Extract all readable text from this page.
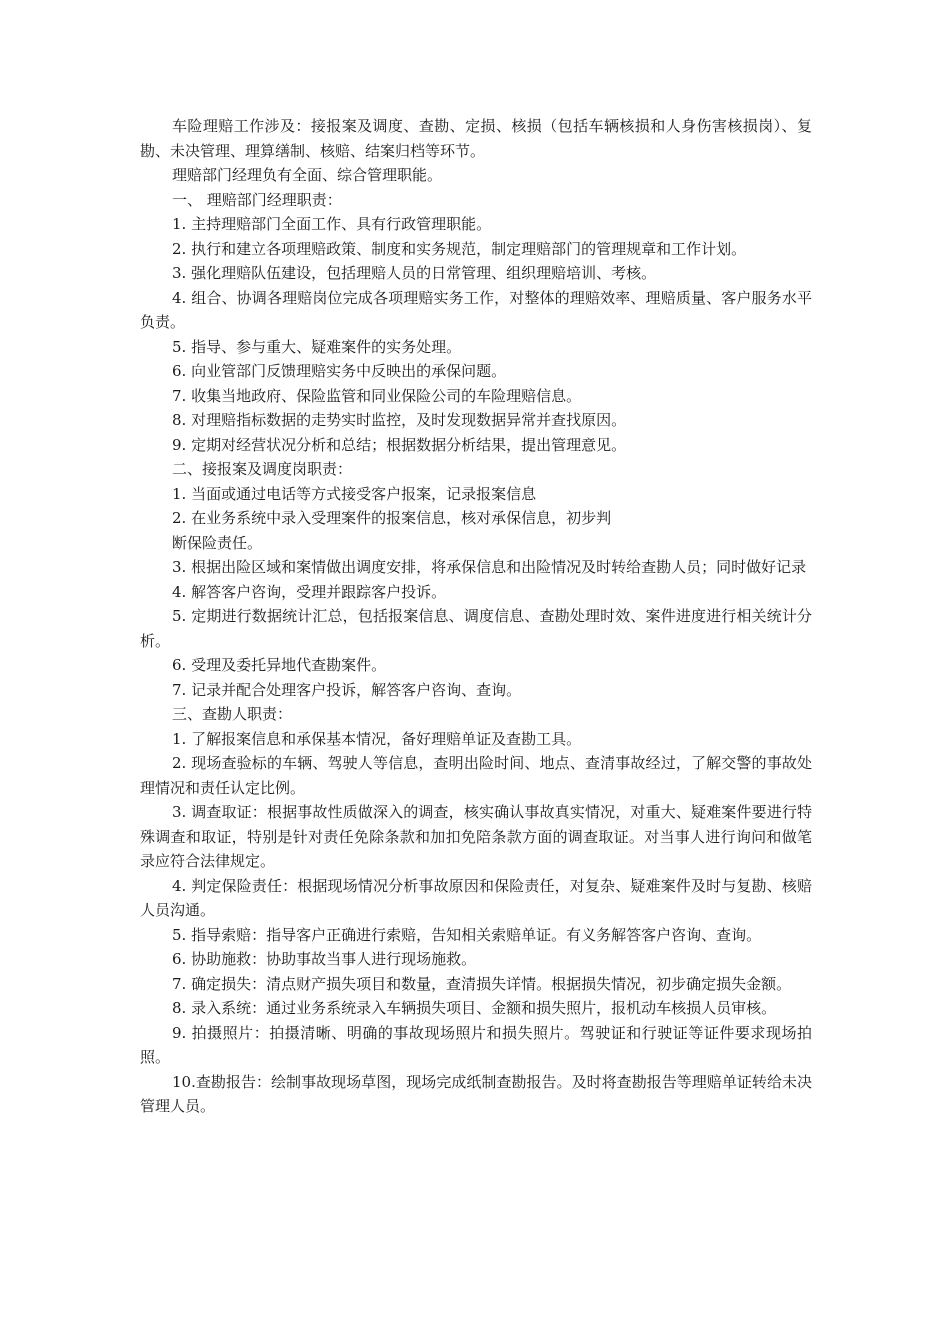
车险理赔工作涉及：接报案及调度、查勘、定损、核损（包括车辆核损和人身伤害核损岗）、复勘、未决管理、理算缮制、核赔、结案归档等环节。

理赔部门经理负有全面、综合管理职能。

一、 理赔部门经理职责：

1. 主持理赔部门全面工作、具有行政管理职能。

2. 执行和建立各项理赔政策、制度和实务规范，制定理赔部门的管理规章和工作计划。

3. 强化理赔队伍建设，包括理赔人员的日常管理、组织理赔培训、考核。

4. 组合、协调各理赔岗位完成各项理赔实务工作，对整体的理赔效率、理赔质量、客户服务水平负责。

5. 指导、参与重大、疑难案件的实务处理。

6. 向业管部门反馈理赔实务中反映出的承保问题。

7. 收集当地政府、保险监管和同业保险公司的车险理赔信息。

8. 对理赔指标数据的走势实时监控，及时发现数据异常并查找原因。

9. 定期对经营状况分析和总结；根据数据分析结果，提出管理意见。

二、接报案及调度岗职责：

1. 当面或通过电话等方式接受客户报案，记录报案信息

2. 在业务系统中录入受理案件的报案信息，核对承保信息，初步判

断保险责任。

3. 根据出险区域和案情做出调度安排，将承保信息和出险情况及时转给查勘人员；同时做好记录

4. 解答客户咨询，受理并跟踪客户投诉。

5. 定期进行数据统计汇总，包括报案信息、调度信息、查勘处理时效、案件进度进行相关统计分析。

6. 受理及委托异地代查勘案件。

7. 记录并配合处理客户投诉，解答客户咨询、查询。

三、查勘人职责：

1. 了解报案信息和承保基本情况，备好理赔单证及查勘工具。

2. 现场查验标的车辆、驾驶人等信息，查明出险时间、地点、查清事故经过，了解交警的事故处理情况和责任认定比例。

3. 调查取证：根据事故性质做深入的调查，核实确认事故真实情况，对重大、疑难案件要进行特殊调查和取证，特别是针对责任免除条款和加扣免陪条款方面的调查取证。对当事人进行询问和做笔录应符合法律规定。

4. 判定保险责任：根据现场情况分析事故原因和保险责任，对复杂、疑难案件及时与复勘、核赔人员沟通。

5. 指导索赔：指导客户正确进行索赔，告知相关索赔单证。有义务解答客户咨询、查询。

6. 协助施救：协助事故当事人进行现场施救。

7. 确定损失：清点财产损失项目和数量，查清损失详情。根据损失情况，初步确定损失金额。

8. 录入系统：通过业务系统录入车辆损失项目、金额和损失照片，报机动车核损人员审核。

9. 拍摄照片：拍摄清晰、明确的事故现场照片和损失照片。驾驶证和行驶证等证件要求现场拍照。

10.查勘报告：绘制事故现场草图，现场完成纸制查勘报告。及时将查勘报告等理赔单证转给未决管理人员。
